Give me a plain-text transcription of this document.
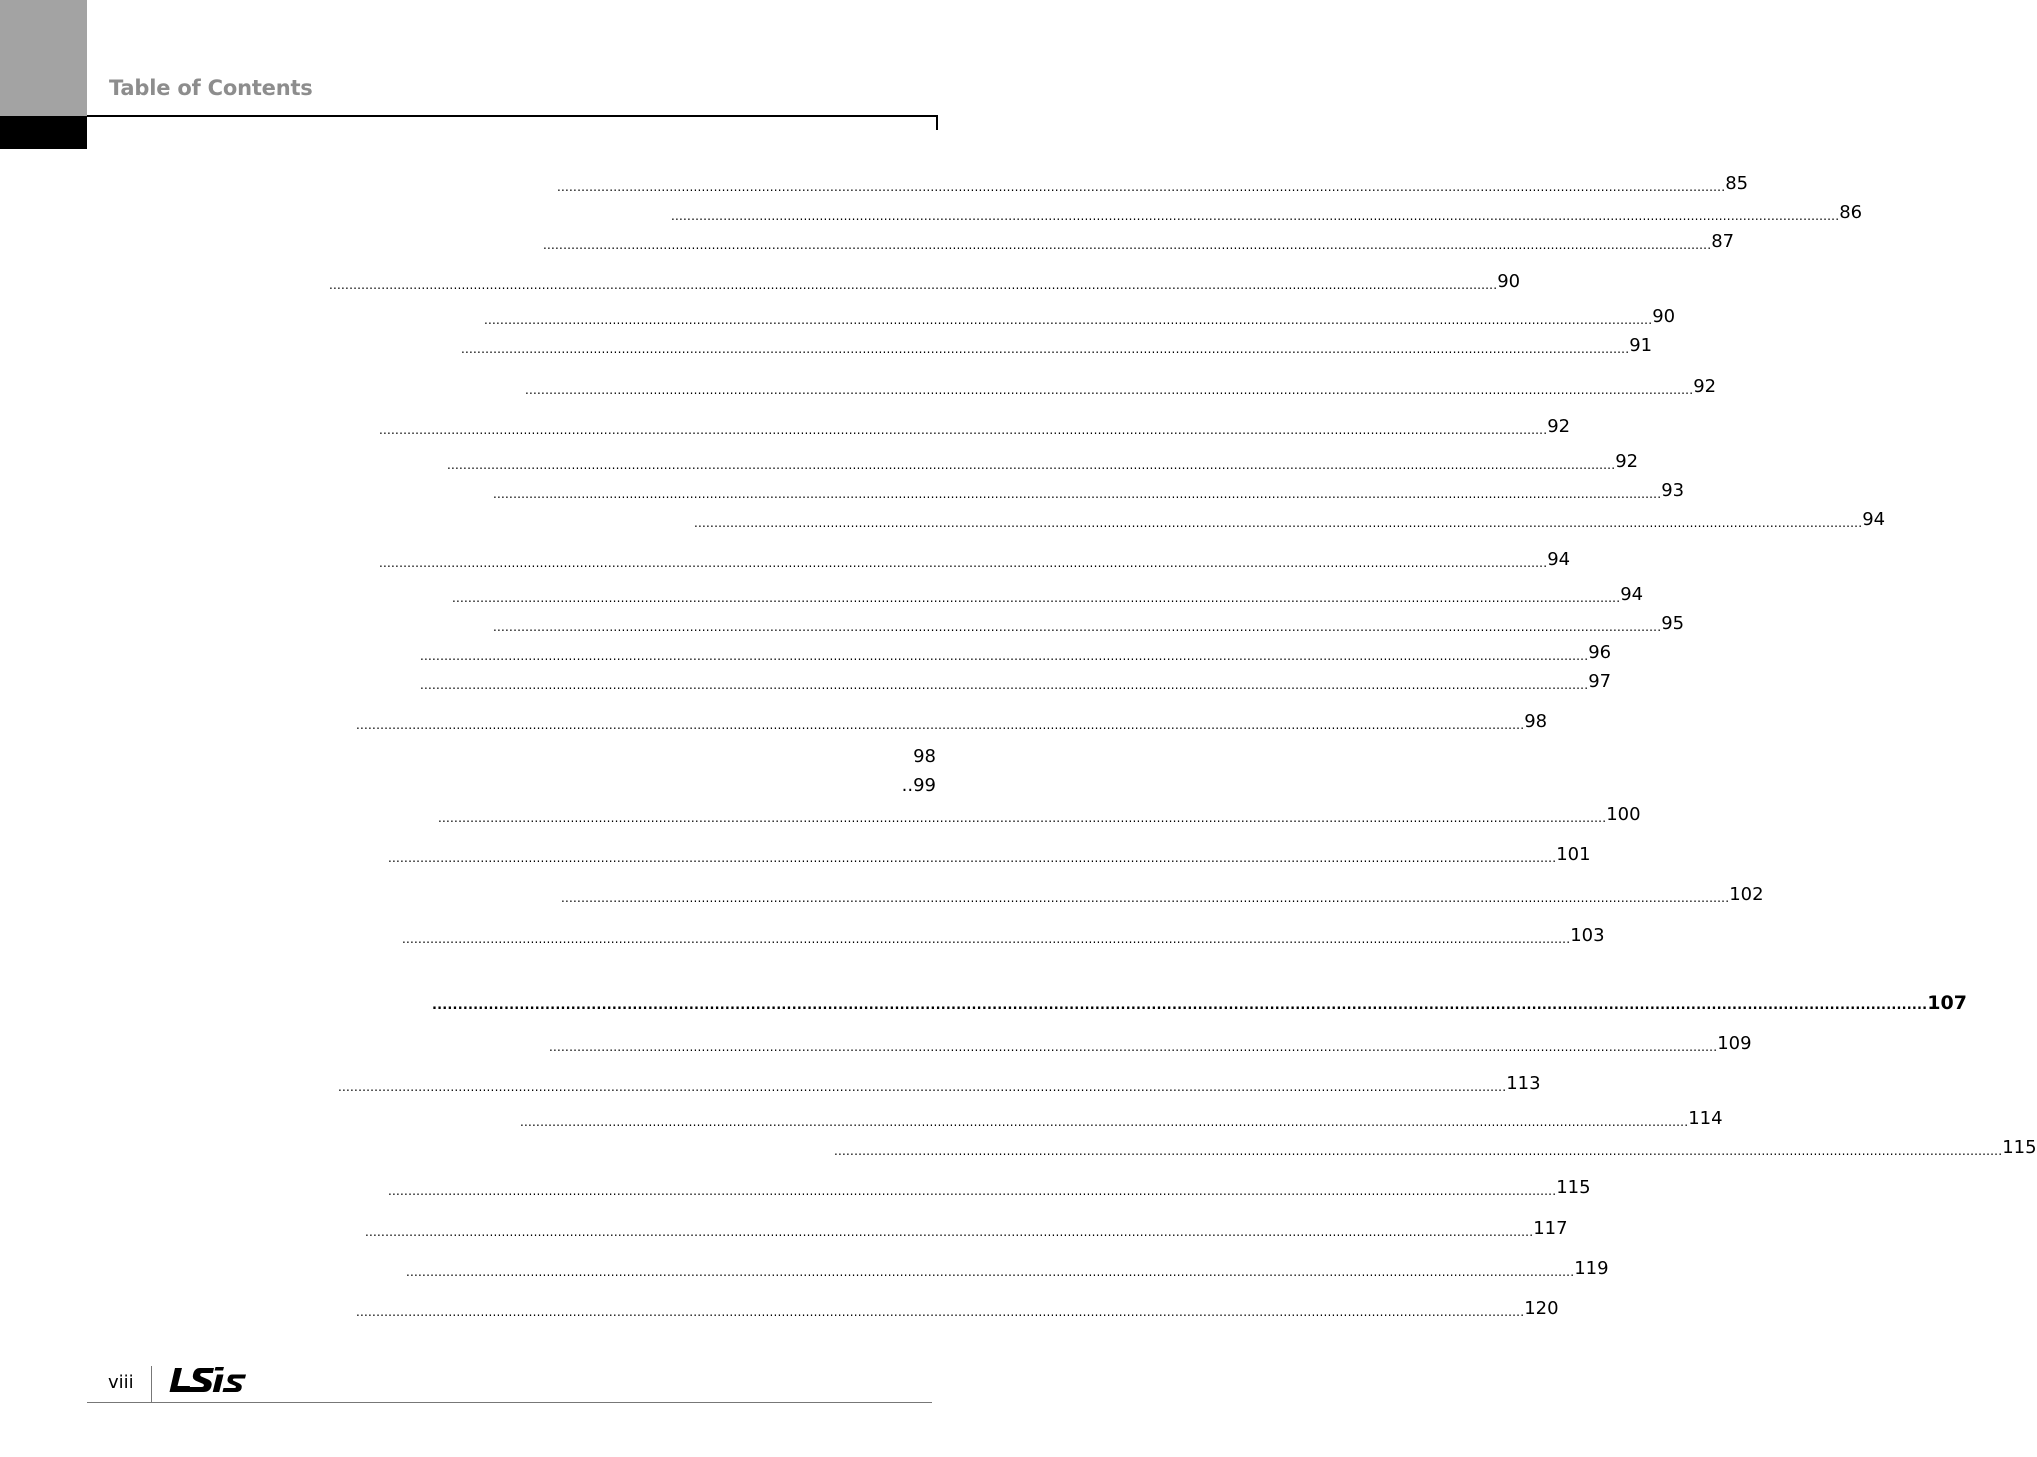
Table of Contents
................................................................................................................................................................................................................................................................................................... 85
................................................................................................................................................................................................................................................................................................... 86
................................................................................................................................................................................................................................................................................................... 87
................................................................................................................................................................................................................................................................................................... 90
................................................................................................................................................................................................................................................................................................... 90
................................................................................................................................................................................................................................................................................................... 91
................................................................................................................................................................................................................................................................................................... 92
................................................................................................................................................................................................................................................................................................... 92
................................................................................................................................................................................................................................................................................................... 92
................................................................................................................................................................................................................................................................................................... 93
................................................................................................................................................................................................................................................................................................... 94
................................................................................................................................................................................................................................................................................................... 94
................................................................................................................................................................................................................................................................................................... 94
................................................................................................................................................................................................................................................................................................... 95
................................................................................................................................................................................................................................................................................................... 96
................................................................................................................................................................................................................................................................................................... 97
................................................................................................................................................................................................................................................................................................... 98
98
..99
................................................................................................................................................................................................................................................................................................... 100
................................................................................................................................................................................................................................................................................................... 101
................................................................................................................................................................................................................................................................................................... 102
................................................................................................................................................................................................................................................................................................... 103
................................................................................................................................................................................................................................................................................................... 107
................................................................................................................................................................................................................................................................................................... 109
................................................................................................................................................................................................................................................................................................... 113
................................................................................................................................................................................................................................................................................................... 114
................................................................................................................................................................................................................................................................................................... 115
................................................................................................................................................................................................................................................................................................... 115
................................................................................................................................................................................................................................................................................................... 117
................................................................................................................................................................................................................................................................................................... 119
................................................................................................................................................................................................................................................................................................... 120
viii
